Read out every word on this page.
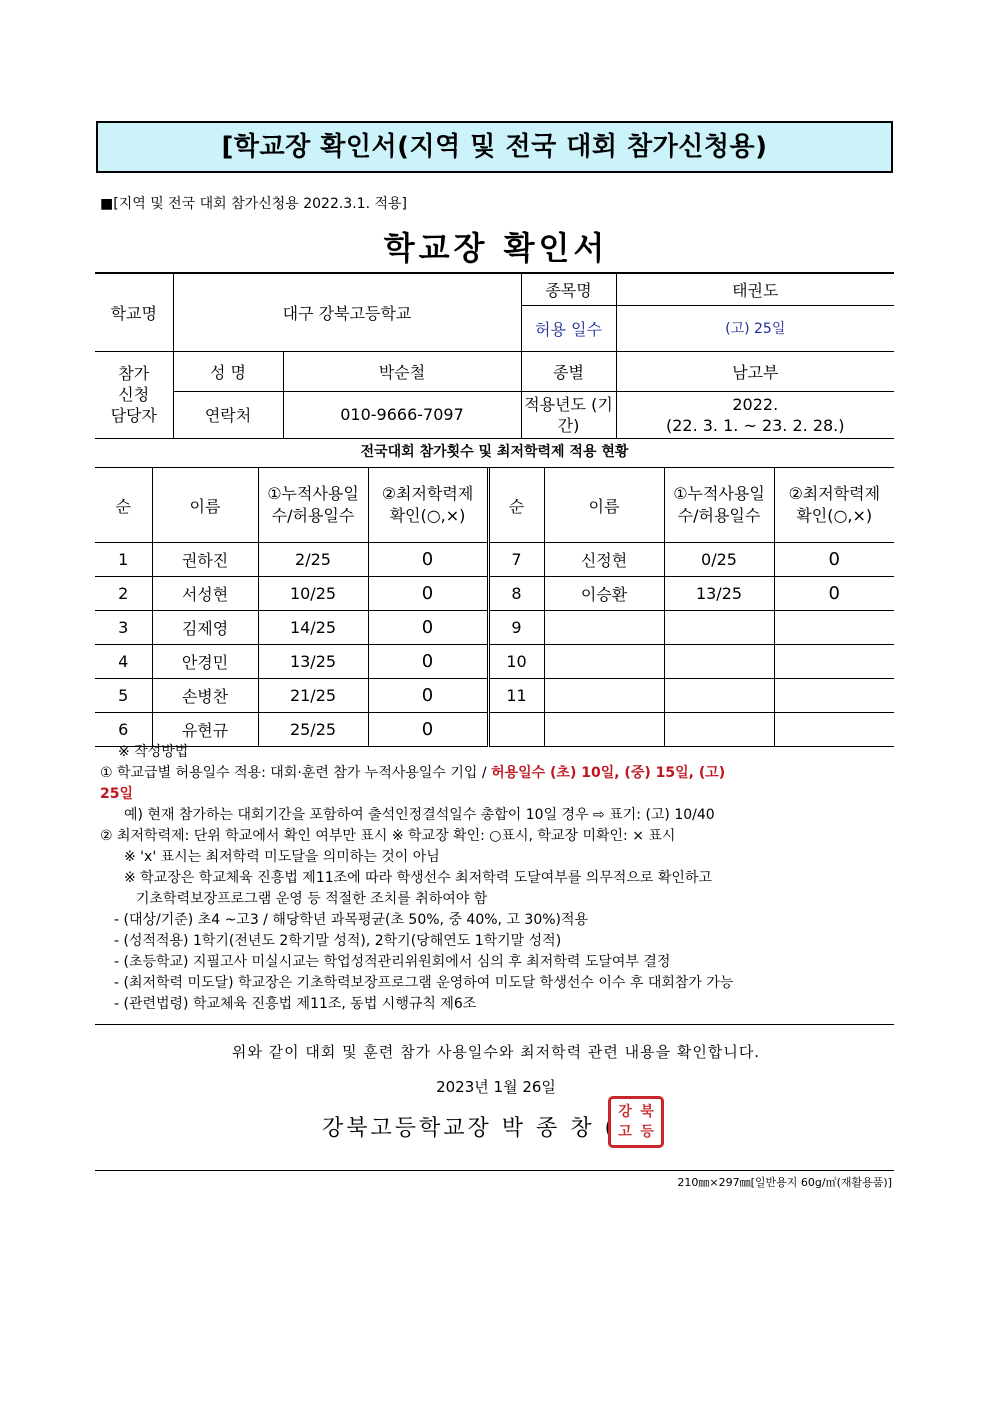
[학교장 확인서(지역 및 전국 대회 참가신청용)
■[지역 및 전국 대회 참가신청용 2022.3.1. 적용]
학교장 확인서
학교명	대구 강북고등학교		종목명	태권도
			허용 일수	(고) 25일
참가 신청 담당자	성 명	박순철	종별	남고부
	연락처	010-9666-7097	적용년도 (기간)	2022.
(22. 3. 1. ~ 23. 2. 28.)
전국대회 참가횟수 및 최저학력제 적용 현황
순	이름	①누적사용일수/허용일수	②최저학력제 확인(○,×)	순	이름	①누적사용일수/허용일수	②최저학력제 확인(○,×)
1	권하진	2/25	0	7	신정현	0/25	0
2	서성현	10/25	0	8	이승환	13/25	0
3	김제영	14/25	0	9			
4	안경민	13/25	0	10			
5	손병찬	21/25	0	11			
6	유현규	25/25	0				
※ 작성방법
① 학교급별 허용일수 적용: 대회·훈련 참가 누적사용일수 기입 / 허용일수 (초) 10일, (중) 15일, (고)
25일
예) 현재 참가하는 대회기간을 포함하여 출석인정결석일수 총합이 10일 경우 ⇨ 표기: (고) 10/40
② 최저학력제: 단위 학교에서 확인 여부만 표시 ※ 학교장 확인: ○표시, 학교장 미확인: × 표시
※ 'x' 표시는 최저학력 미도달을 의미하는 것이 아님
※ 학교장은 학교체육 진흥법 제11조에 따라 학생선수 최저학력 도달여부를 의무적으로 확인하고
기초학력보장프로그램 운영 등 적절한 조치를 취하여야 함
- (대상/기준) 초4 ~고3 / 해당학년 과목평균(초 50%, 중 40%, 고 30%)적용
- (성적적용) 1학기(전년도 2학기말 성적), 2학기(당해연도 1학기말 성적)
- (초등학교) 지필고사 미실시교는 학업성적관리위원회에서 심의 후 최저학력 도달여부 결정
- (최저학력 미도달) 학교장은 기초학력보장프로그램 운영하여 미도달 학생선수 이수 후 대회참가 가능
- (관련법령) 학교체육 진흥법 제11조, 동법 시행규칙 제6조
위와 같이 대회 및 훈련 참가 사용일수와 최저학력 관련 내용을 확인합니다.
2023년 1월 26일
강북고등학교장 박 종 창 (
강 북
고 등
210㎜×297㎜[일반용지 60g/㎡(재활용품)]
